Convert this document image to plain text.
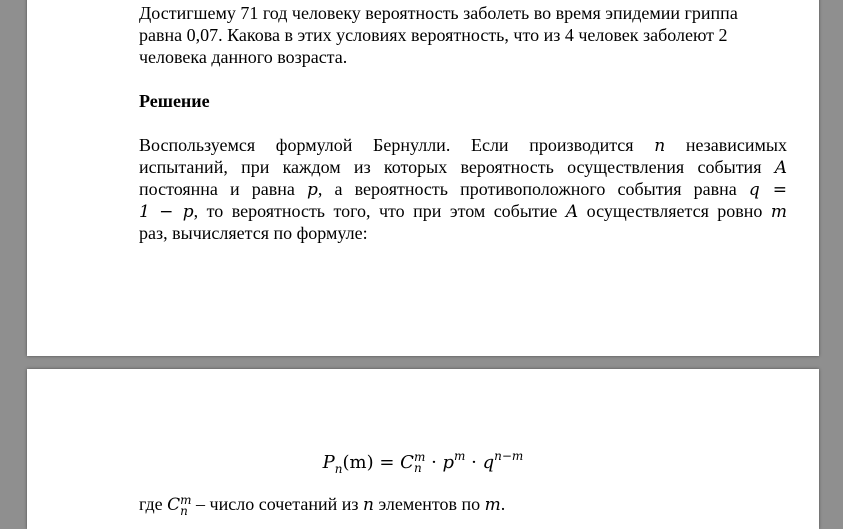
Достигшему 71 год человеку вероятность заболеть во время эпидемии гриппа
равна 0,07. Какова в этих условиях вероятность, что из 4 человек заболеют 2
человека данного возраста.
Решение
Воспользуемся формулой Бернулли. Если производится n независимых
испытаний, при каждом из которых вероятность осуществления события A
постоянна и равна p, а вероятность противоположного события равна q =
1 − p, то вероятность того, что при этом событие A осуществляется ровно m
раз, вычисляется по формуле:
$P_n(m) = Cm$
$n \cdot p^m \cdot q^{n-m}$
где Cm
n – число сочетаний из n элементов по m.
